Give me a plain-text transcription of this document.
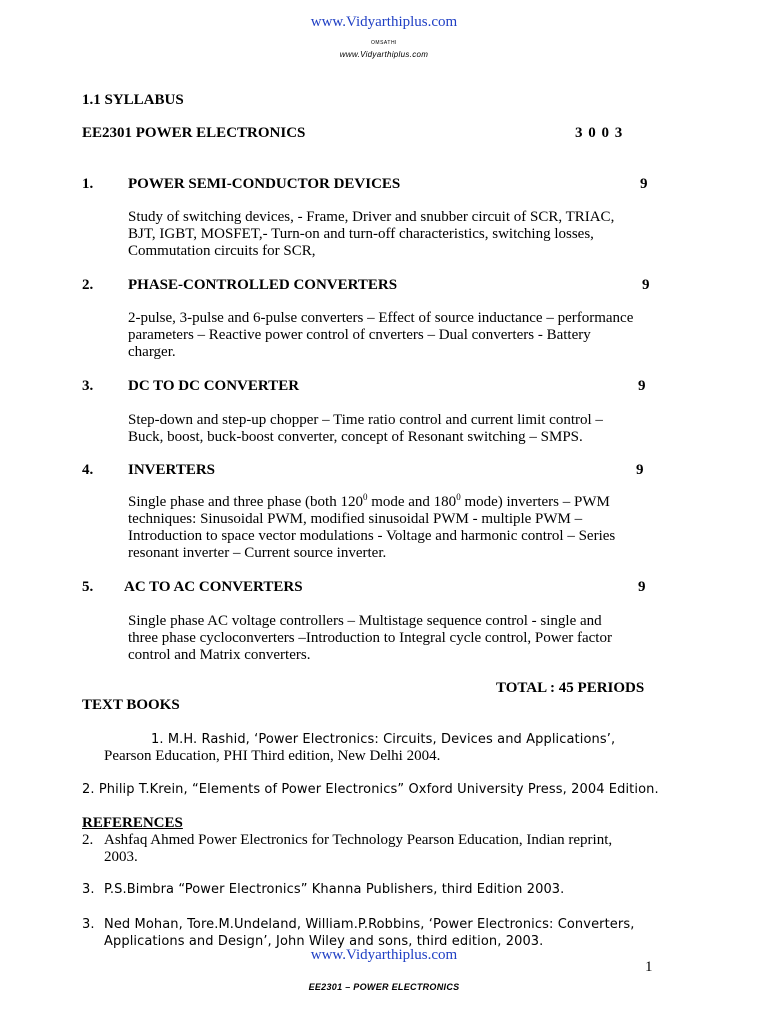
www.Vidyarthiplus.com
OMSATHI
www.Vidyarthiplus.com
1.1 SYLLABUS
EE2301 POWER ELECTRONICS	3 0 0 3
1. POWER SEMI-CONDUCTOR DEVICES	9
Study of switching devices, - Frame, Driver and snubber circuit of SCR, TRIAC,
BJT, IGBT, MOSFET,- Turn-on and turn-off characteristics, switching losses,
Commutation circuits for SCR,
2. PHASE-CONTROLLED CONVERTERS	9
2-pulse, 3-pulse and 6-pulse converters – Effect of source inductance – performance
parameters – Reactive power control of cnverters – Dual converters - Battery
charger.
3. DC TO DC CONVERTER	9
Step-down and step-up chopper – Time ratio control and current limit control –
Buck, boost, buck-boost converter, concept of Resonant switching – SMPS.
4. INVERTERS	9
Single phase and three phase (both $120^0$ mode and $180^0$ mode) inverters – PWM
techniques: Sinusoidal PWM, modified sinusoidal PWM - multiple PWM –
Introduction to space vector modulations - Voltage and harmonic control – Series
resonant inverter – Current source inverter.
5. AC TO AC CONVERTERS	9
Single phase AC voltage controllers – Multistage sequence control - single and
three phase cycloconverters –Introduction to Integral cycle control, Power factor
control and Matrix converters.
TOTAL : 45 PERIODS
TEXT BOOKS
1. M.H. Rashid, ‘Power Electronics: Circuits, Devices and Applications’,
Pearson Education, PHI Third edition, New Delhi 2004.
2. Philip T.Krein, “Elements of Power Electronics” Oxford University Press, 2004 Edition.
REFERENCES
2. Ashfaq Ahmed Power Electronics for Technology Pearson Education, Indian reprint,
2003.
3. P.S.Bimbra “Power Electronics” Khanna Publishers, third Edition 2003.
3. Ned Mohan, Tore.M.Undeland, William.P.Robbins, ‘Power Electronics: Converters,
Applications and Design’, John Wiley and sons, third edition, 2003.
www.Vidyarthiplus.com
1
EE2301 – POWER ELECTRONICS
